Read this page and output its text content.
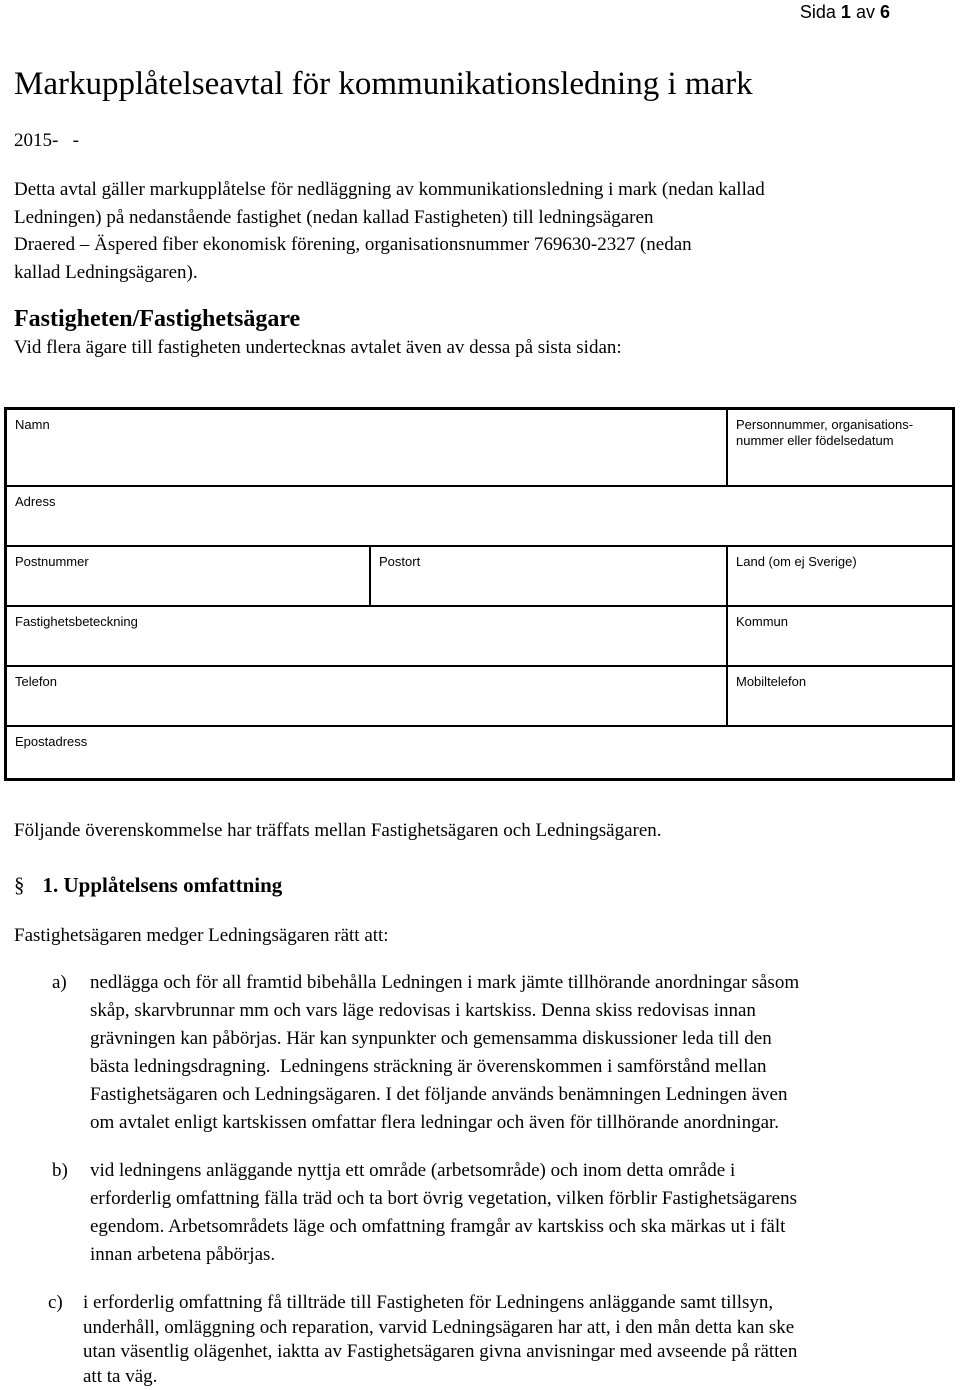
Sida 1 av 6
Markupplåtelseavtal för kommunikationsledning i mark
2015-   -
Detta avtal gäller markupplåtelse för nedläggning av kommunikationsledning i mark (nedan kallad
Ledningen) på nedanstående fastighet (nedan kallad Fastigheten) till ledningsägaren
Draered – Äspered fiber ekonomisk förening, organisationsnummer 769630-2327 (nedan
kallad Ledningsägaren).
Fastigheten/Fastighetsägare
Vid flera ägare till fastigheten undertecknas avtalet även av dessa på sista sidan:
Namn	Personnummer, organisations-
nummer eller födelsedatum
Adress
Postnummer	Postort	Land (om ej Sverige)
Fastighetsbeteckning	Kommun
Telefon	Mobiltelefon
Epostadress
Följande överenskommelse har träffats mellan Fastighetsägaren och Ledningsägaren.
§ 1. Upplåtelsens omfattning
Fastighetsägaren medger Ledningsägaren rätt att:
a) nedlägga och för all framtid bibehålla Ledningen i mark jämte tillhörande anordningar såsom
skåp, skarvbrunnar mm och vars läge redovisas i kartskiss. Denna skiss redovisas innan
grävningen kan påbörjas. Här kan synpunkter och gemensamma diskussioner leda till den
bästa ledningsdragning.  Ledningens sträckning är överenskommen i samförstånd mellan
Fastighetsägaren och Ledningsägaren. I det följande används benämningen Ledningen även
om avtalet enligt kartskissen omfattar flera ledningar och även för tillhörande anordningar.
b) vid ledningens anläggande nyttja ett område (arbetsområde) och inom detta område i
erforderlig omfattning fälla träd och ta bort övrig vegetation, vilken förblir Fastighetsägarens
egendom. Arbetsområdets läge och omfattning framgår av kartskiss och ska märkas ut i fält
innan arbetena påbörjas.
c) i erforderlig omfattning få tillträde till Fastigheten för Ledningens anläggande samt tillsyn,
underhåll, omläggning och reparation, varvid Ledningsägaren har att, i den mån detta kan ske
utan väsentlig olägenhet, iaktta av Fastighetsägaren givna anvisningar med avseende på rätten
att ta väg.
